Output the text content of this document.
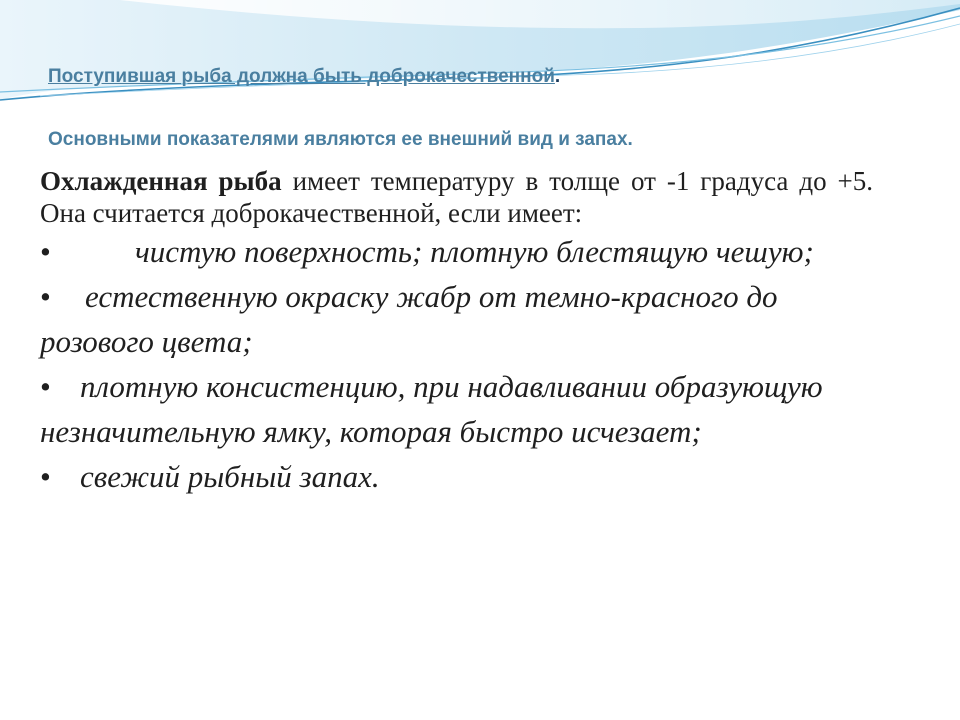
Поступившая рыба должна быть доброкачественной.

Основными показателями являются ее внешний вид и запах.

Охлажденная рыба имеет температуру в толще от -1 градуса до +5. Она считается доброкачественной, если имеет:

•	чистую поверхность; плотную блестящую чешую;

• естественную окраску жабр от темно-красного до розового цвета;

• плотную консистенцию, при надавливании образующую незначительную ямку, которая быстро исчезает;

• свежий рыбный запах.
